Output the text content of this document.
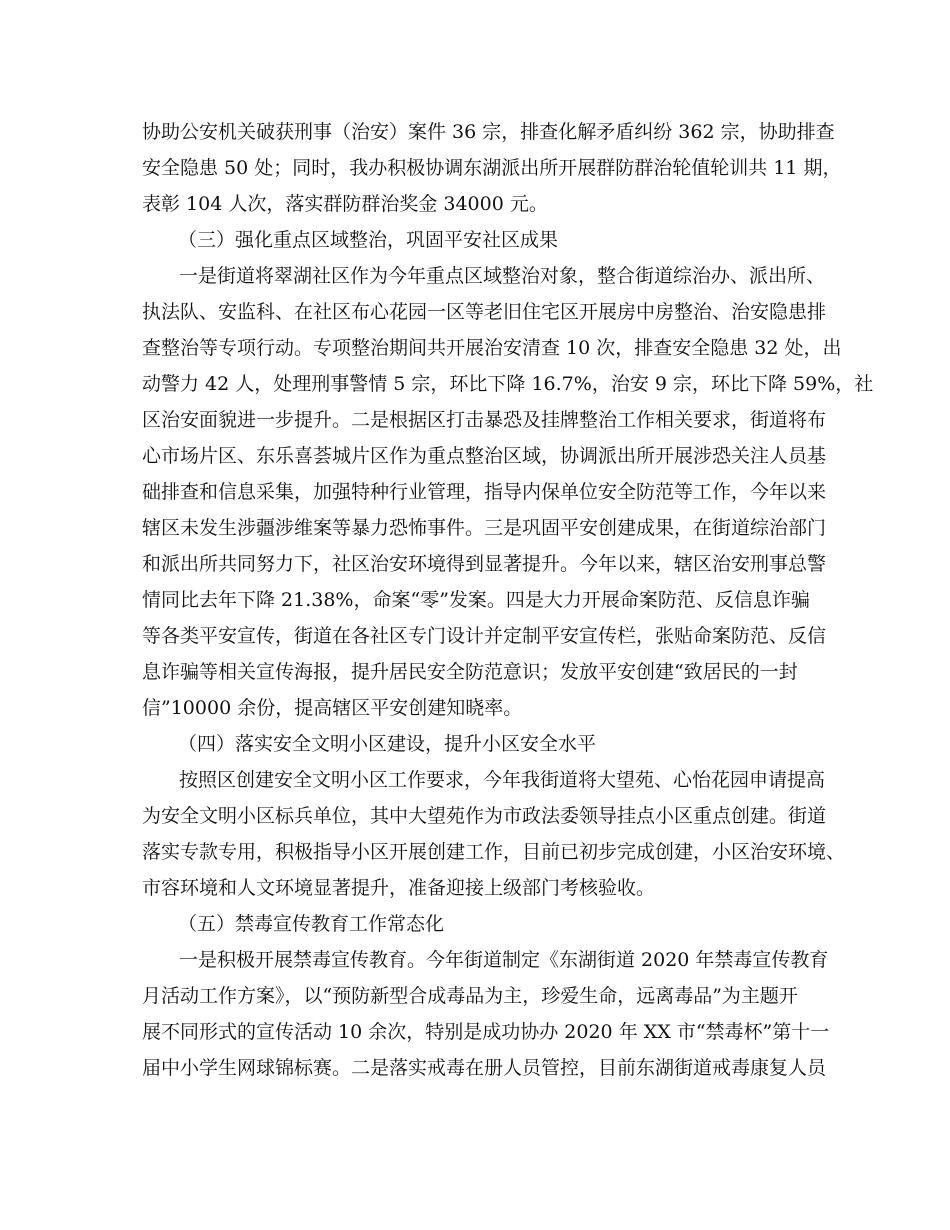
协助公安机关破获刑事（治安）案件 36 宗，排查化解矛盾纠纷 362 宗，协助排查
安全隐患 50 处；同时，我办积极协调东湖派出所开展群防群治轮值轮训共 11 期，
表彰 104 人次，落实群防群治奖金 34000 元。
（三）强化重点区域整治，巩固平安社区成果
一是街道将翠湖社区作为今年重点区域整治对象，整合街道综治办、派出所、
执法队、安监科、在社区布心花园一区等老旧住宅区开展房中房整治、治安隐患排
查整治等专项行动。专项整治期间共开展治安清查 10 次，排查安全隐患 32 处，出
动警力 42 人，处理刑事警情 5 宗，环比下降 16.7%，治安 9 宗，环比下降 59%，社
区治安面貌进一步提升。二是根据区打击暴恐及挂牌整治工作相关要求，街道将布
心市场片区、东乐喜荟城片区作为重点整治区域，协调派出所开展涉恐关注人员基
础排查和信息采集，加强特种行业管理，指导内保单位安全防范等工作，今年以来
辖区未发生涉疆涉维案等暴力恐怖事件。三是巩固平安创建成果，在街道综治部门
和派出所共同努力下，社区治安环境得到显著提升。今年以来，辖区治安刑事总警
情同比去年下降 21.38%，命案“零”发案。四是大力开展命案防范、反信息诈骗
等各类平安宣传，街道在各社区专门设计并定制平安宣传栏，张贴命案防范、反信
息诈骗等相关宣传海报，提升居民安全防范意识；发放平安创建“致居民的一封
信”10000 余份，提高辖区平安创建知晓率。
（四）落实安全文明小区建设，提升小区安全水平
按照区创建安全文明小区工作要求，今年我街道将大望苑、心怡花园申请提高
为安全文明小区标兵单位，其中大望苑作为市政法委领导挂点小区重点创建。街道
落实专款专用，积极指导小区开展创建工作，目前已初步完成创建，小区治安环境、
市容环境和人文环境显著提升，准备迎接上级部门考核验收。
（五）禁毒宣传教育工作常态化
一是积极开展禁毒宣传教育。今年街道制定《东湖街道 2020 年禁毒宣传教育
月活动工作方案》，以“预防新型合成毒品为主，珍爱生命，远离毒品”为主题开
展不同形式的宣传活动 10 余次，特别是成功协办 2020 年 XX 市“禁毒杯”第十一
届中小学生网球锦标赛。二是落实戒毒在册人员管控，目前东湖街道戒毒康复人员
